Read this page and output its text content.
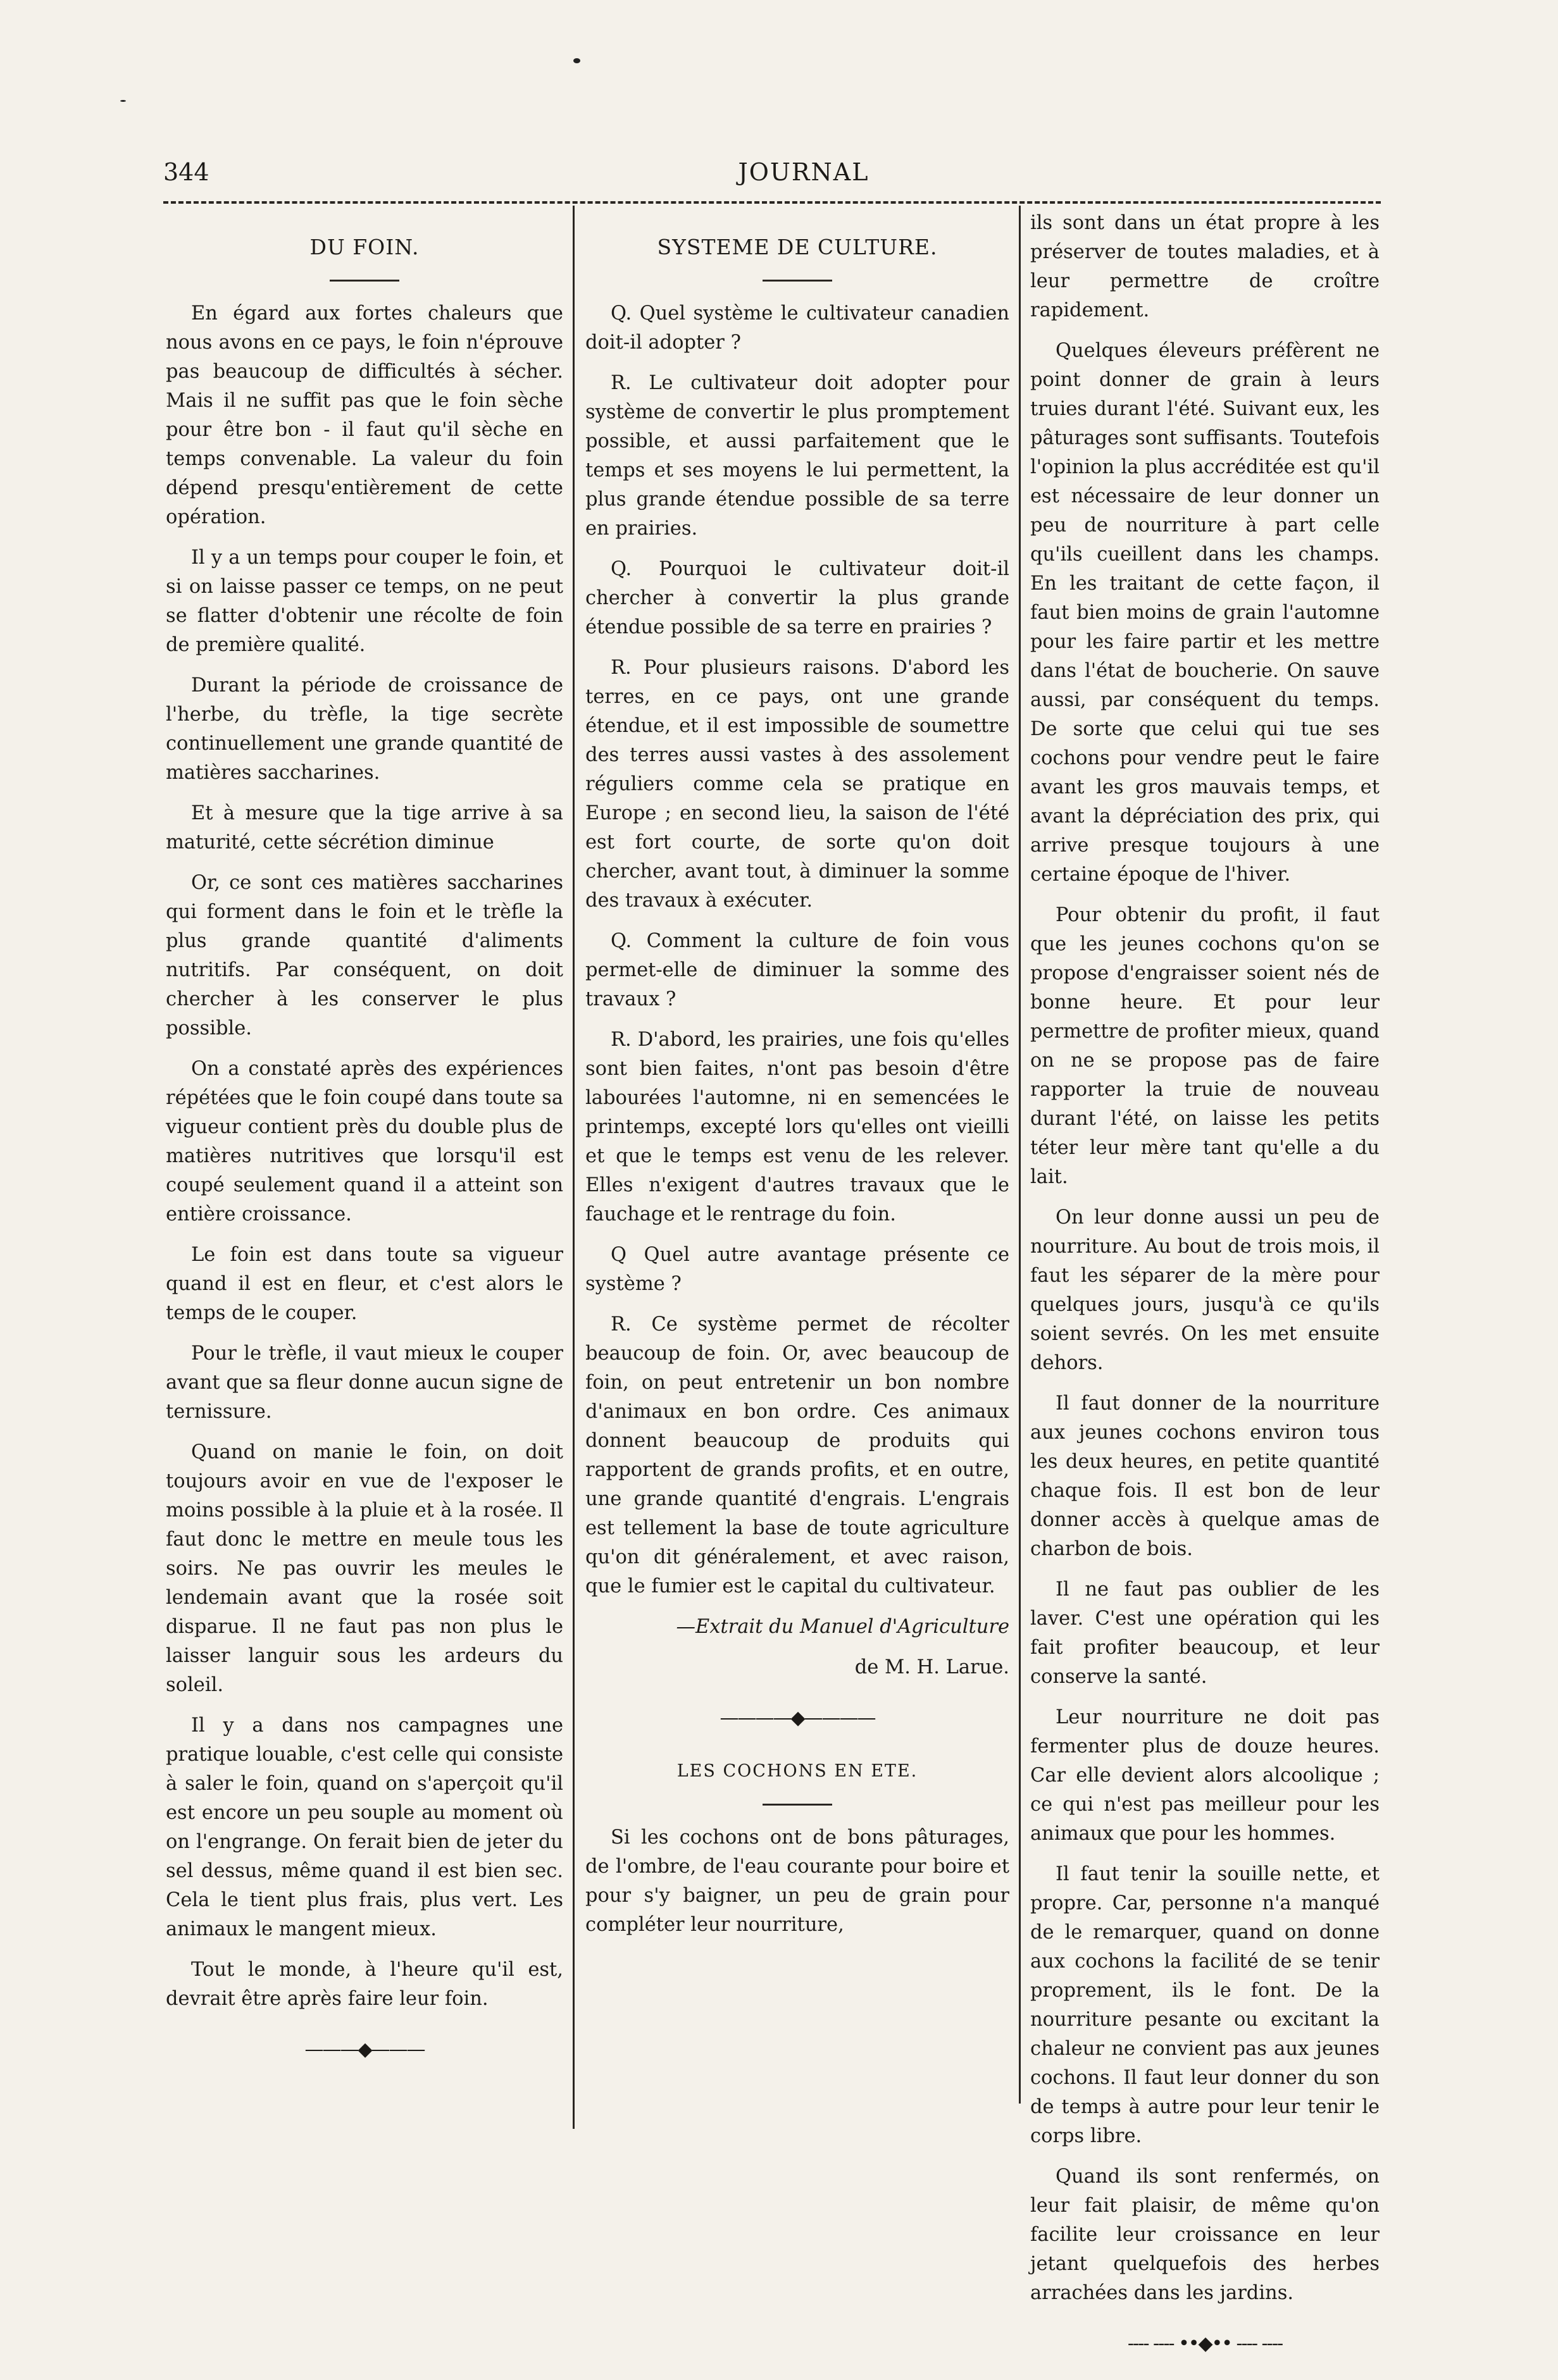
344	JOURNAL
DU FOIN.

En égard aux fortes chaleurs que nous avons en ce pays, le foin n'éprouve pas beaucoup de difficultés à sécher. Mais il ne suffit pas que le foin sèche pour être bon - il faut qu'il sèche en temps convenable. La valeur du foin dépend presqu'entièrement de cette opération.

Il y a un temps pour couper le foin, et si on laisse passer ce temps, on ne peut se flatter d'obtenir une récolte de foin de première qualité.

Durant la période de croissance de l'herbe, du trèfle, la tige secrète continuellement une grande quantité de matières saccharines.

Et à mesure que la tige arrive à sa maturité, cette sécrétion diminue

Or, ce sont ces matières saccharines qui forment dans le foin et le trèfle la plus grande quantité d'aliments nutritifs. Par conséquent, on doit chercher à les conserver le plus possible.

On a constaté après des expériences répétées que le foin coupé dans toute sa vigueur contient près du double plus de matières nutritives que lorsqu'il est coupé seulement quand il a atteint son entière croissance.

Le foin est dans toute sa vigueur quand il est en fleur, et c'est alors le temps de le couper.

Pour le trèfle, il vaut mieux le couper avant que sa fleur donne aucun signe de ternissure.

Quand on manie le foin, on doit toujours avoir en vue de l'exposer le moins possible à la pluie et à la rosée. Il faut donc le mettre en meule tous les soirs. Ne pas ouvrir les meules le lendemain avant que la rosée soit disparue. Il ne faut pas non plus le laisser languir sous les ardeurs du soleil.

Il y a dans nos campagnes une pratique louable, c'est celle qui consiste à saler le foin, quand on s'aperçoit qu'il est encore un peu souple au moment où on l'engrange. On ferait bien de jeter du sel dessus, même quand il est bien sec. Cela le tient plus frais, plus vert. Les animaux le mangent mieux.

Tout le monde, à l'heure qu'il est, devrait être après faire leur foin.

———◆———
SYSTEME DE CULTURE.

Q. Quel système le cultivateur canadien doit-il adopter ?

R. Le cultivateur doit adopter pour système de convertir le plus promptement possible, et aussi parfaitement que le temps et ses moyens le lui permettent, la plus grande étendue possible de sa terre en prairies.

Q. Pourquoi le cultivateur doit-il chercher à convertir la plus grande étendue possible de sa terre en prairies ?

R. Pour plusieurs raisons. D'abord les terres, en ce pays, ont une grande étendue, et il est impossible de soumettre des terres aussi vastes à des assolement réguliers comme cela se pratique en Europe ; en second lieu, la saison de l'été est fort courte, de sorte qu'on doit chercher, avant tout, à diminuer la somme des travaux à exécuter.

Q. Comment la culture de foin vous permet-elle de diminuer la somme des travaux ?

R. D'abord, les prairies, une fois qu'elles sont bien faites, n'ont pas besoin d'être labourées l'automne, ni en semencées le printemps, excepté lors qu'elles ont vieilli et que le temps est venu de les relever. Elles n'exigent d'autres travaux que le fauchage et le rentrage du foin.

Q Quel autre avantage présente ce système ?

R. Ce système permet de récolter beaucoup de foin. Or, avec beaucoup de foin, on peut entretenir un bon nombre d'animaux en bon ordre. Ces animaux donnent beaucoup de produits qui rapportent de grands profits, et en outre, une grande quantité d'engrais. L'engrais est tellement la base de toute agriculture qu'on dit généralement, et avec raison, que le fumier est le capital du cultivateur.

—Extrait du Manuel d'Agriculture

de M. H. Larue.

————◆————
LES COCHONS EN ETE.

Si les cochons ont de bons pâturages, de l'ombre, de l'eau courante pour boire et pour s'y baigner, un peu de grain pour compléter leur nourriture,

ils sont dans un état propre à les préserver de toutes maladies, et à leur permettre de croître rapidement.

Quelques éleveurs préfèrent ne point donner de grain à leurs truies durant l'été. Suivant eux, les pâturages sont suffisants. Toutefois l'opinion la plus accréditée est qu'il est nécessaire de leur donner un peu de nourriture à part celle qu'ils cueillent dans les champs. En les traitant de cette façon, il faut bien moins de grain l'automne pour les faire partir et les mettre dans l'état de boucherie. On sauve aussi, par conséquent du temps. De sorte que celui qui tue ses cochons pour vendre peut le faire avant les gros mauvais temps, et avant la dépréciation des prix, qui arrive presque toujours à une certaine époque de l'hiver.

Pour obtenir du profit, il faut que les jeunes cochons qu'on se propose d'engraisser soient nés de bonne heure. Et pour leur permettre de profiter mieux, quand on ne se propose pas de faire rapporter la truie de nouveau durant l'été, on laisse les petits téter leur mère tant qu'elle a du lait.

On leur donne aussi un peu de nourriture. Au bout de trois mois, il faut les séparer de la mère pour quelques jours, jusqu'à ce qu'ils soient sevrés. On les met ensuite dehors.

Il faut donner de la nourriture aux jeunes cochons environ tous les deux heures, en petite quantité chaque fois. Il est bon de leur donner accès à quelque amas de charbon de bois.

Il ne faut pas oublier de les laver. C'est une opération qui les fait profiter beaucoup, et leur conserve la santé.

Leur nourriture ne doit pas fermenter plus de douze heures. Car elle devient alors alcoolique ; ce qui n'est pas meilleur pour les animaux que pour les hommes.

Il faut tenir la souille nette, et propre. Car, personne n'a manqué de le remarquer, quand on donne aux cochons la facilité de se tenir proprement, ils le font. De la nourriture pesante ou excitant la chaleur ne convient pas aux jeunes cochons. Il faut leur donner du son de temps à autre pour leur tenir le corps libre.

Quand ils sont renfermés, on leur fait plaisir, de même qu'on facilite leur croissance en leur jetant quelquefois des herbes arrachées dans les jardins.

---- ---- ••◆•• ---- ----
